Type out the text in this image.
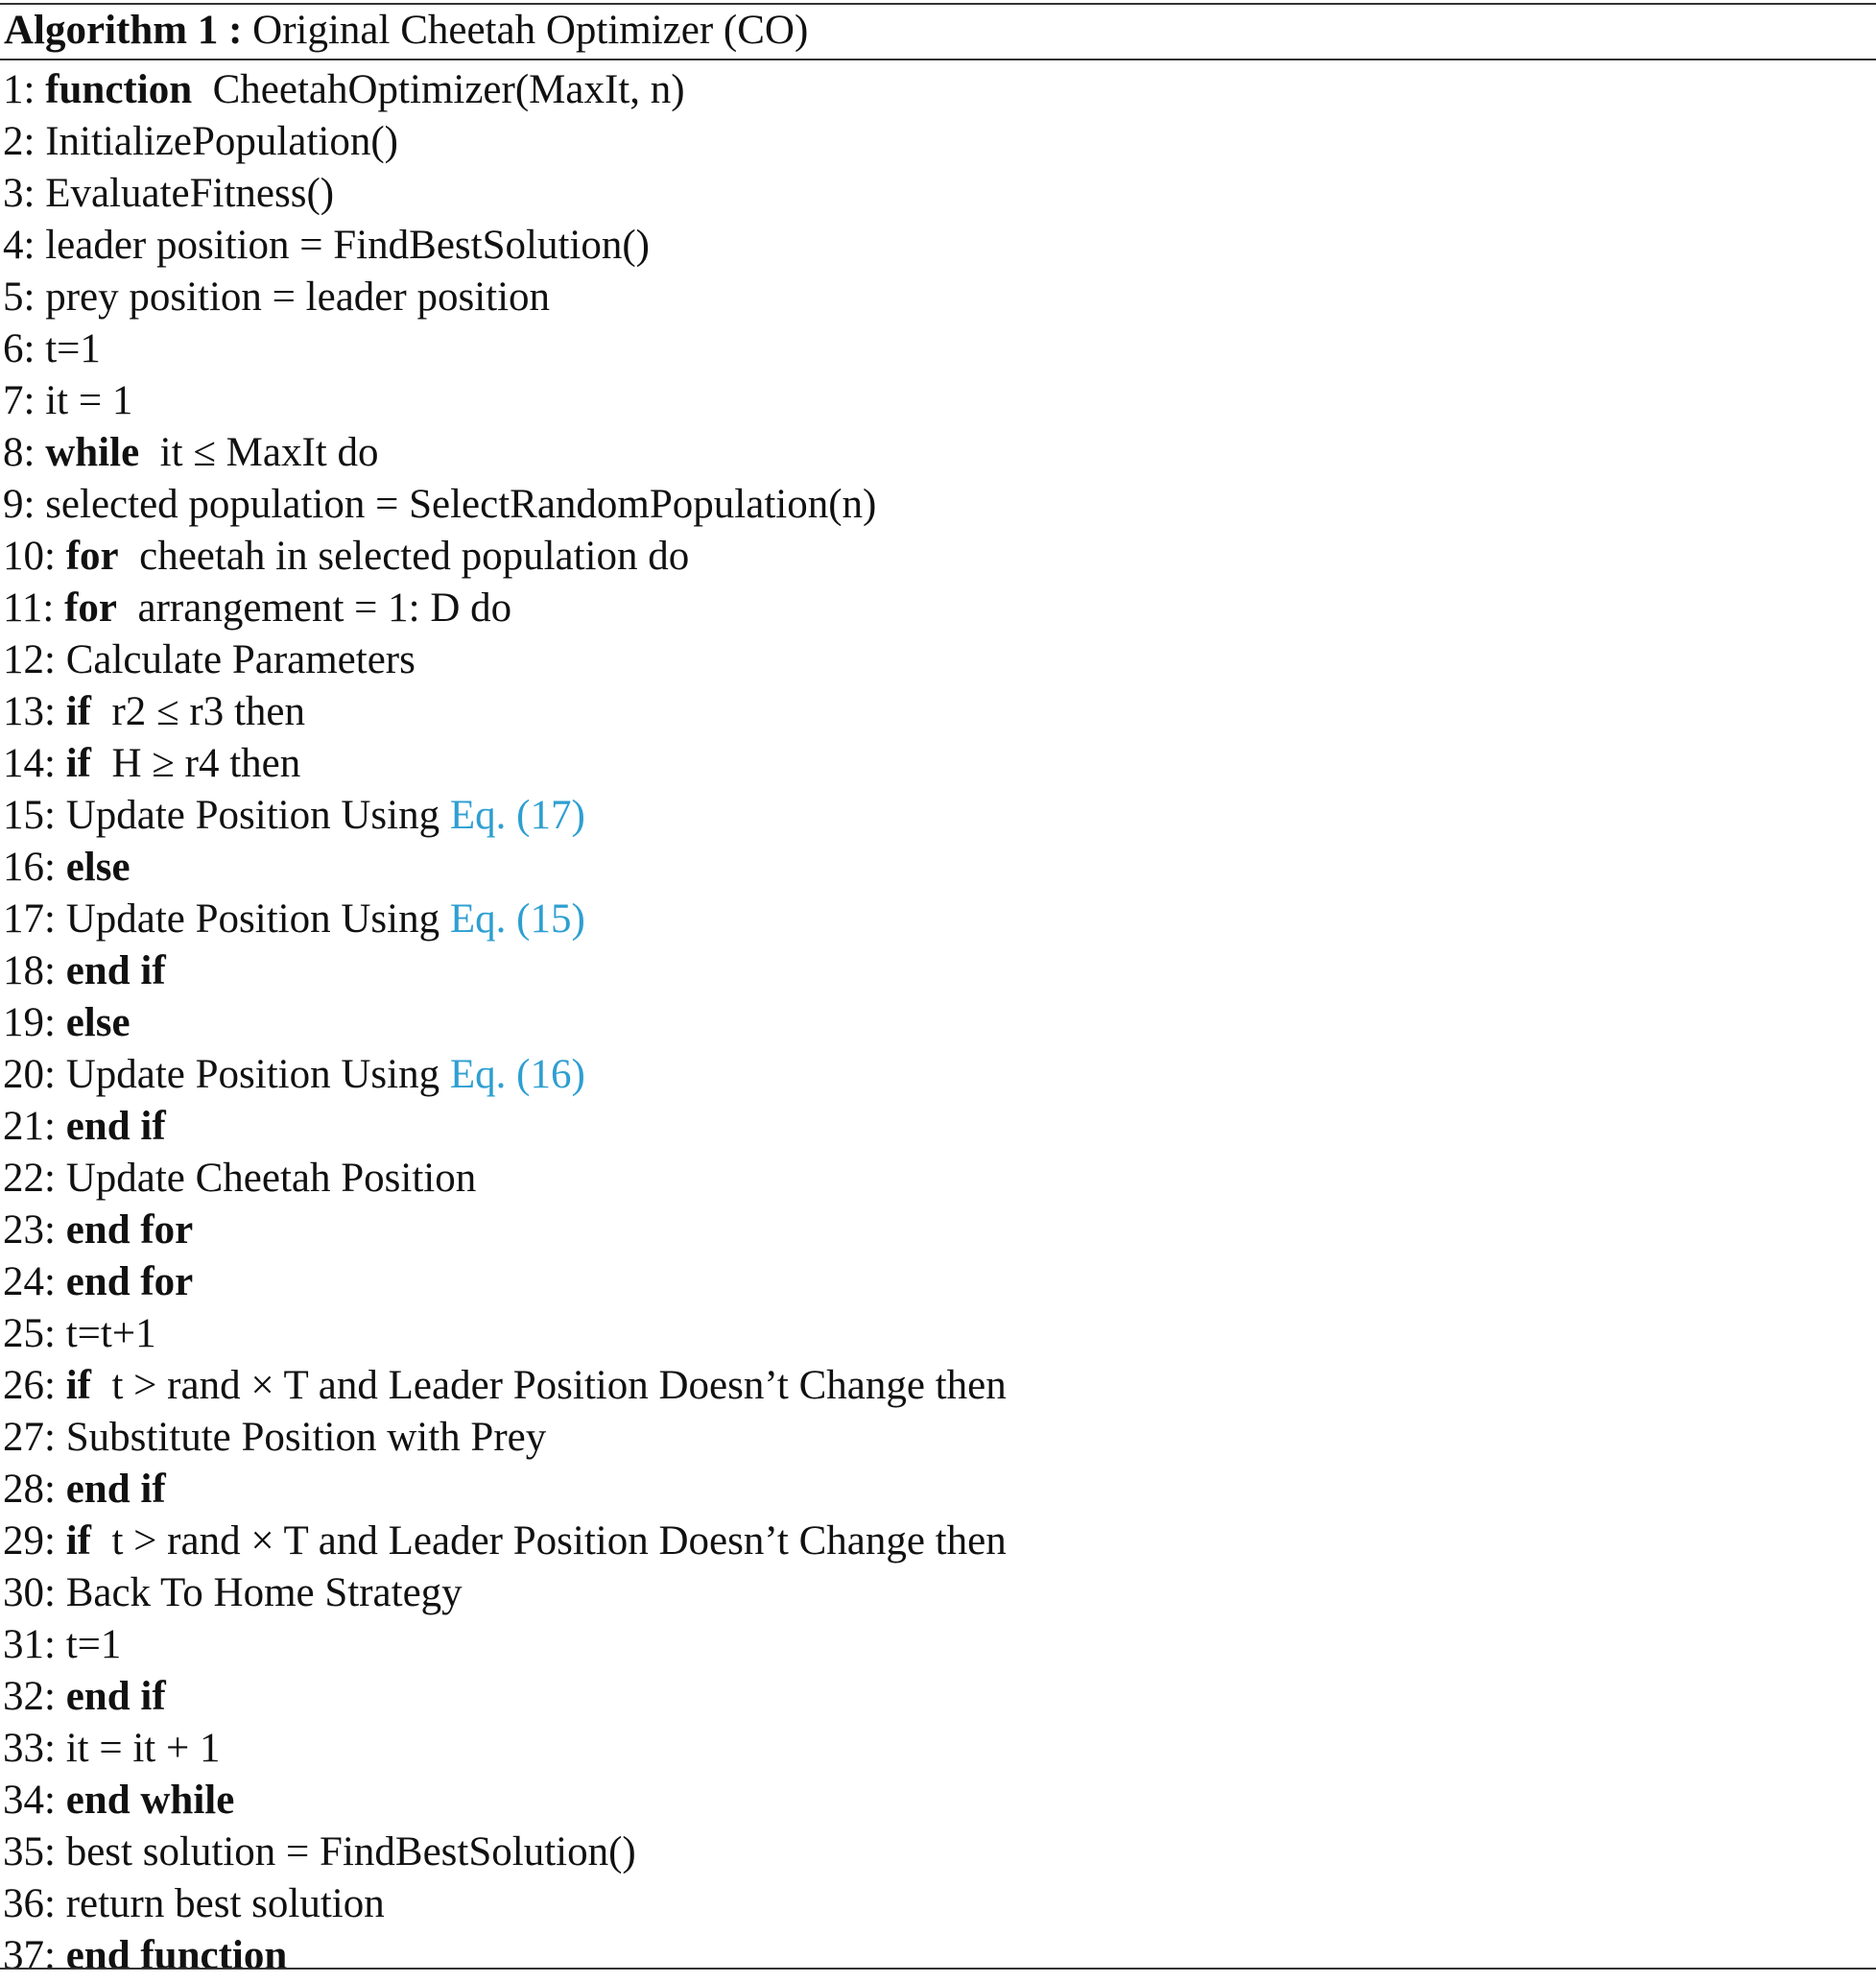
Algorithm 1 : Original Cheetah Optimizer (CO)
1: function CheetahOptimizer(MaxIt, n)
2: InitializePopulation()
3: EvaluateFitness()
4: leader position = FindBestSolution()
5: prey position = leader position
6: t=1
7: it = 1
8: while it ≤ MaxIt do
9: selected population = SelectRandomPopulation(n)
10: for cheetah in selected population do
11: for arrangement = 1: D do
12: Calculate Parameters
13: if r2 ≤ r3 then
14: if H ≥ r4 then
15: Update Position Using Eq. (17)
16: else
17: Update Position Using Eq. (15)
18: end if
19: else
20: Update Position Using Eq. (16)
21: end if
22: Update Cheetah Position
23: end for
24: end for
25: t=t+1
26: if t > rand × T and Leader Position Doesn’t Change then
27: Substitute Position with Prey
28: end if
29: if t > rand × T and Leader Position Doesn’t Change then
30: Back To Home Strategy
31: t=1
32: end if
33: it = it + 1
34: end while
35: best solution = FindBestSolution()
36: return best solution
37: end function
